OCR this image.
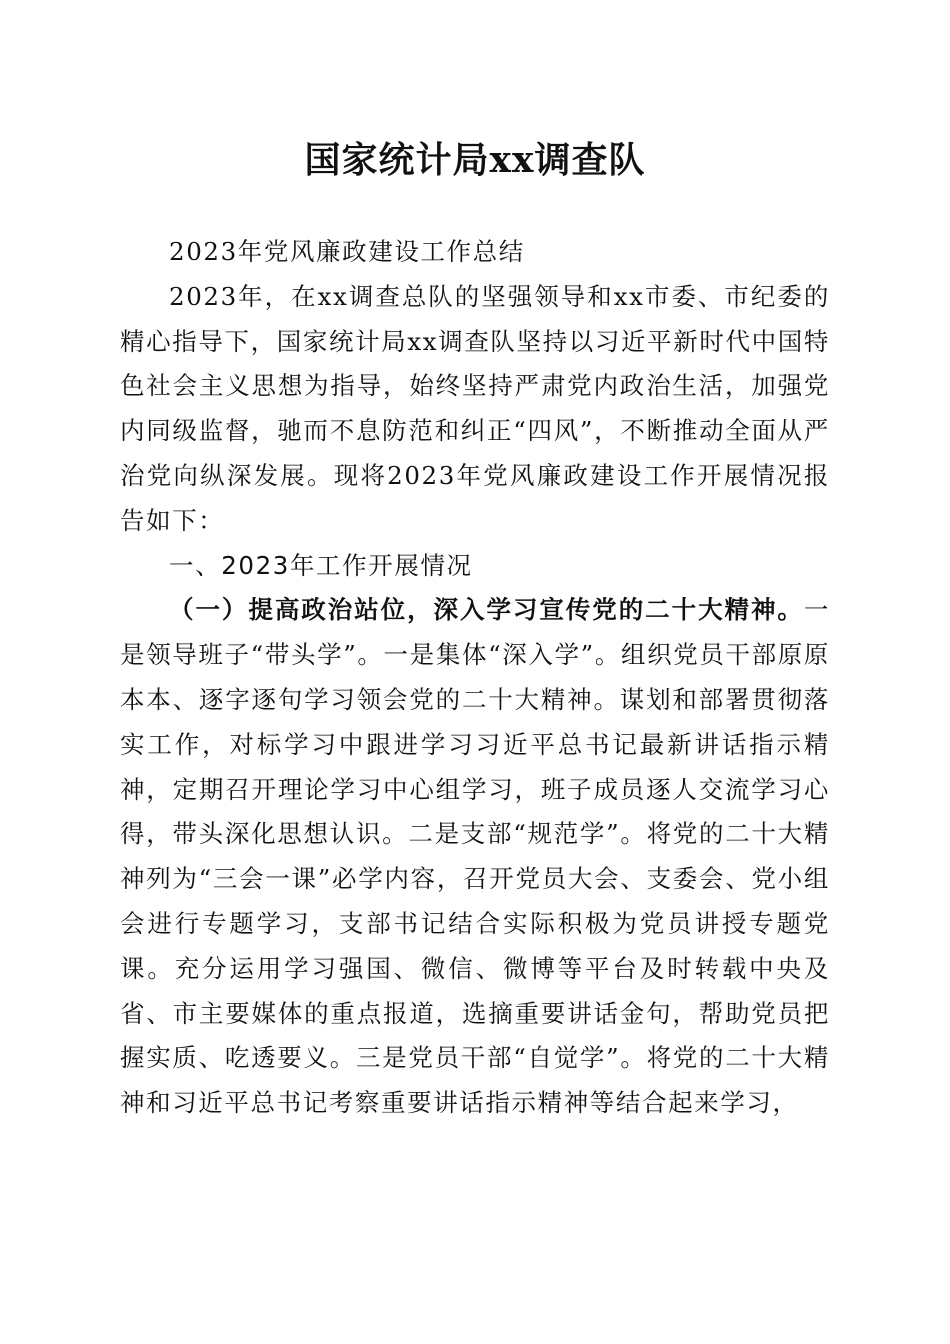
国家统计局xx调查队

2023年党风廉政建设工作总结

2023年，在xx调查总队的坚强领导和xx市委、市纪委的精心指导下，国家统计局xx调查队坚持以习近平新时代中国特色社会主义思想为指导，始终坚持严肃党内政治生活，加强党内同级监督，驰而不息防范和纠正“四风”，不断推动全面从严治党向纵深发展。现将2023年党风廉政建设工作开展情况报告如下：

一、2023年工作开展情况

（一）提高政治站位，深入学习宣传党的二十大精神。一是领导班子“带头学”。一是集体“深入学”。组织党员干部原原本本、逐字逐句学习领会党的二十大精神。谋划和部署贯彻落实工作，对标学习中跟进学习习近平总书记最新讲话指示精神，定期召开理论学习中心组学习，班子成员逐人交流学习心得，带头深化思想认识。二是支部“规范学”。将党的二十大精神列为“三会一课”必学内容，召开党员大会、支委会、党小组会进行专题学习，支部书记结合实际积极为党员讲授专题党课。充分运用学习强国、微信、微博等平台及时转载中央及省、市主要媒体的重点报道，选摘重要讲话金句，帮助党员把握实质、吃透要义。三是党员干部“自觉学”。将党的二十大精神和习近平总书记考察重要讲话指示精神等结合起来学习，
